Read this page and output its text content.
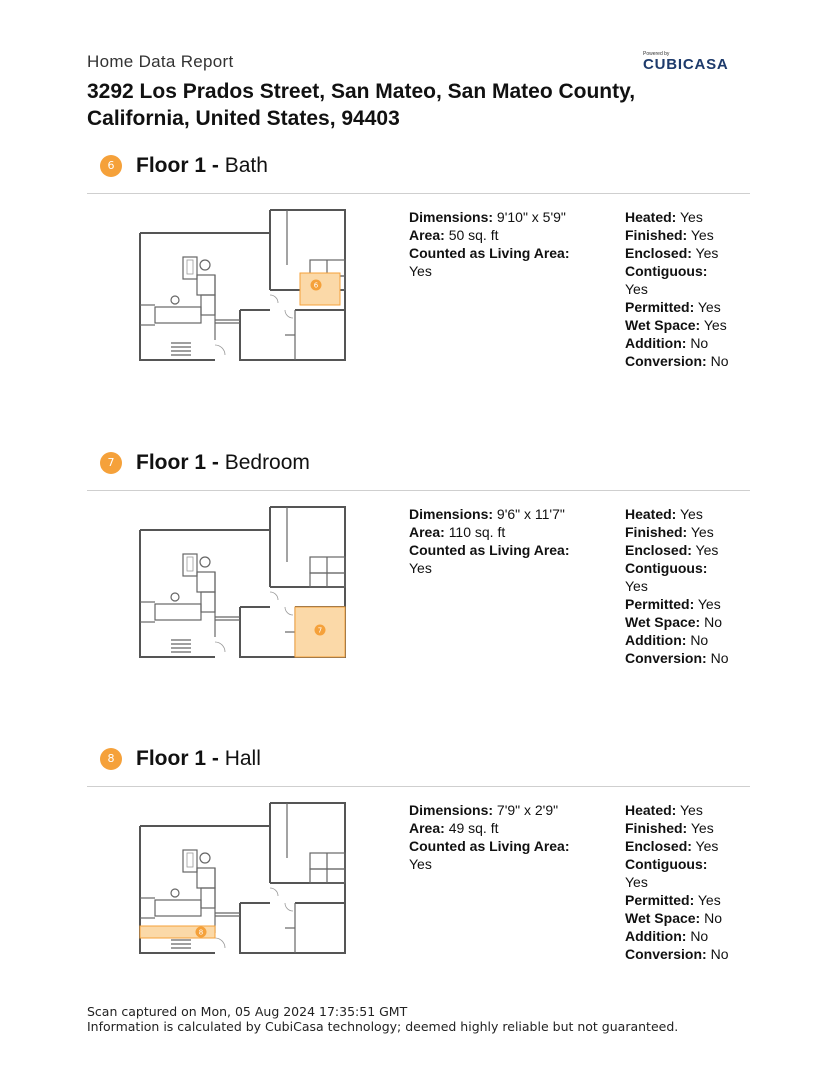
Home Data Report	Powered by
CUBICASA
3292 Los Prados Street, San Mateo, San Mateo County, California, United States, 94403
6	Floor 1 - Bath
6
Dimensions: 9'10" x 5'9"
Area: 50 sq. ft
Counted as Living Area:
Yes
Heated: Yes
Finished: Yes
Enclosed: Yes
Contiguous:
Yes
Permitted: Yes
Wet Space: Yes
Addition: No
Conversion: No
7	Floor 1 - Bedroom
7
Dimensions: 9'6" x 11'7"
Area: 110 sq. ft
Counted as Living Area:
Yes
Heated: Yes
Finished: Yes
Enclosed: Yes
Contiguous:
Yes
Permitted: Yes
Wet Space: No
Addition: No
Conversion: No
8	Floor 1 - Hall
8
Dimensions: 7'9" x 2'9"
Area: 49 sq. ft
Counted as Living Area:
Yes
Heated: Yes
Finished: Yes
Enclosed: Yes
Contiguous:
Yes
Permitted: Yes
Wet Space: No
Addition: No
Conversion: No
Scan captured on Mon, 05 Aug 2024 17:35:51 GMT
Information is calculated by CubiCasa technology; deemed highly reliable but not guaranteed.
